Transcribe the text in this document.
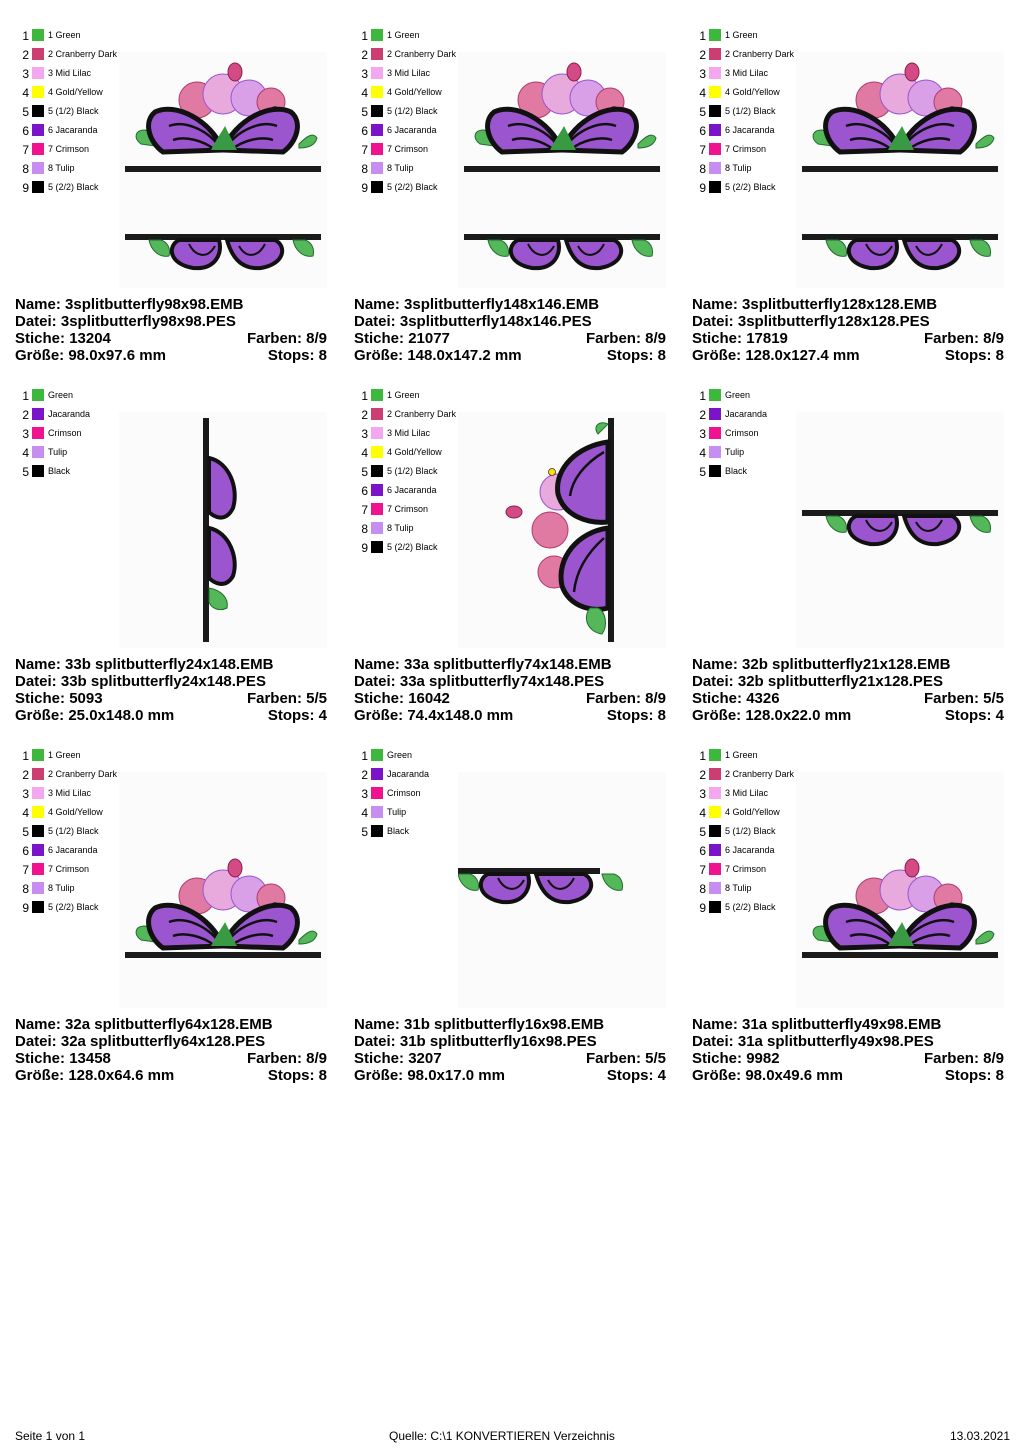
1 1 Green
2 2 Cranberry Dark
3 3 Mid Lilac
4 4 Gold/Yellow
5 5 (1/2) Black
6 6 Jacaranda
7 7 Crimson
8 8 Tulip
9 5 (2/2) Black
Name: 3splitbutterfly98x98.EMB
Datei: 3splitbutterfly98x98.PES
Stiche: 13204	Farben: 8/9
Größe: 98.0x97.6 mm	Stops: 8
1 1 Green
2 2 Cranberry Dark
3 3 Mid Lilac
4 4 Gold/Yellow
5 5 (1/2) Black
6 6 Jacaranda
7 7 Crimson
8 8 Tulip
9 5 (2/2) Black
Name: 3splitbutterfly148x146.EMB
Datei: 3splitbutterfly148x146.PES
Stiche: 21077	Farben: 8/9
Größe: 148.0x147.2 mm	Stops: 8
1 1 Green
2 2 Cranberry Dark
3 3 Mid Lilac
4 4 Gold/Yellow
5 5 (1/2) Black
6 6 Jacaranda
7 7 Crimson
8 8 Tulip
9 5 (2/2) Black
Name: 3splitbutterfly128x128.EMB
Datei: 3splitbutterfly128x128.PES
Stiche: 17819	Farben: 8/9
Größe: 128.0x127.4 mm	Stops: 8
1 Green
2 Jacaranda
3 Crimson
4 Tulip
5 Black
Name: 33b splitbutterfly24x148.EMB
Datei: 33b splitbutterfly24x148.PES
Stiche: 5093	Farben: 5/5
Größe: 25.0x148.0 mm	Stops: 4
1 1 Green
2 2 Cranberry Dark
3 3 Mid Lilac
4 4 Gold/Yellow
5 5 (1/2) Black
6 6 Jacaranda
7 7 Crimson
8 8 Tulip
9 5 (2/2) Black
Name: 33a splitbutterfly74x148.EMB
Datei: 33a splitbutterfly74x148.PES
Stiche: 16042	Farben: 8/9
Größe: 74.4x148.0 mm	Stops: 8
1 Green
2 Jacaranda
3 Crimson
4 Tulip
5 Black
Name: 32b splitbutterfly21x128.EMB
Datei: 32b splitbutterfly21x128.PES
Stiche: 4326	Farben: 5/5
Größe: 128.0x22.0 mm	Stops: 4
1 1 Green
2 2 Cranberry Dark
3 3 Mid Lilac
4 4 Gold/Yellow
5 5 (1/2) Black
6 6 Jacaranda
7 7 Crimson
8 8 Tulip
9 5 (2/2) Black
Name: 32a splitbutterfly64x128.EMB
Datei: 32a splitbutterfly64x128.PES
Stiche: 13458	Farben: 8/9
Größe: 128.0x64.6 mm	Stops: 8
1 Green
2 Jacaranda
3 Crimson
4 Tulip
5 Black
Name: 31b splitbutterfly16x98.EMB
Datei: 31b splitbutterfly16x98.PES
Stiche: 3207	Farben: 5/5
Größe: 98.0x17.0 mm	Stops: 4
1 1 Green
2 2 Cranberry Dark
3 3 Mid Lilac
4 4 Gold/Yellow
5 5 (1/2) Black
6 6 Jacaranda
7 7 Crimson
8 8 Tulip
9 5 (2/2) Black
Name: 31a splitbutterfly49x98.EMB
Datei: 31a splitbutterfly49x98.PES
Stiche: 9982	Farben: 8/9
Größe: 98.0x49.6 mm	Stops: 8
Seite 1 von 1	Quelle: C:\1 KONVERTIEREN Verzeichnis	13.03.2021
